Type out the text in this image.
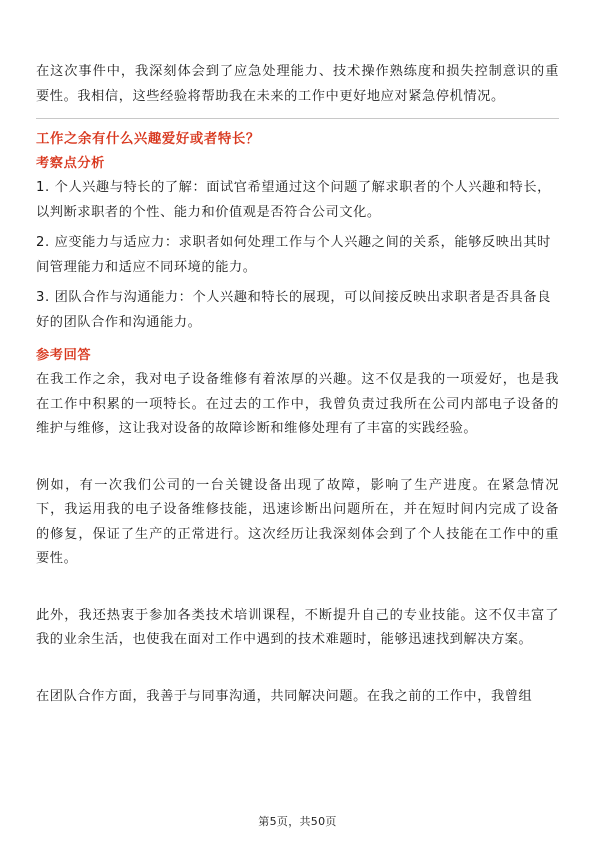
在这次事件中，我深刻体会到了应急处理能力、技术操作熟练度和损失控制意识的重要性。我相信，这些经验将帮助我在未来的工作中更好地应对紧急停机情况。

工作之余有什么兴趣爱好或者特长？

考察点分析

1. 个人兴趣与特长的了解：面试官希望通过这个问题了解求职者的个人兴趣和特长，以判断求职者的个性、能力和价值观是否符合公司文化。

2. 应变能力与适应力：求职者如何处理工作与个人兴趣之间的关系，能够反映出其时间管理能力和适应不同环境的能力。

3. 团队合作与沟通能力：个人兴趣和特长的展现，可以间接反映出求职者是否具备良好的团队合作和沟通能力。

参考回答

在我工作之余，我对电子设备维修有着浓厚的兴趣。这不仅是我的一项爱好，也是我在工作中积累的一项特长。在过去的工作中，我曾负责过我所在公司内部电子设备的维护与维修，这让我对设备的故障诊断和维修处理有了丰富的实践经验。

例如，有一次我们公司的一台关键设备出现了故障，影响了生产进度。在紧急情况下，我运用我的电子设备维修技能，迅速诊断出问题所在，并在短时间内完成了设备的修复，保证了生产的正常进行。这次经历让我深刻体会到了个人技能在工作中的重要性。

此外，我还热衷于参加各类技术培训课程，不断提升自己的专业技能。这不仅丰富了我的业余生活，也使我在面对工作中遇到的技术难题时，能够迅速找到解决方案。

在团队合作方面，我善于与同事沟通，共同解决问题。在我之前的工作中，我曾组

第5页，共50页
